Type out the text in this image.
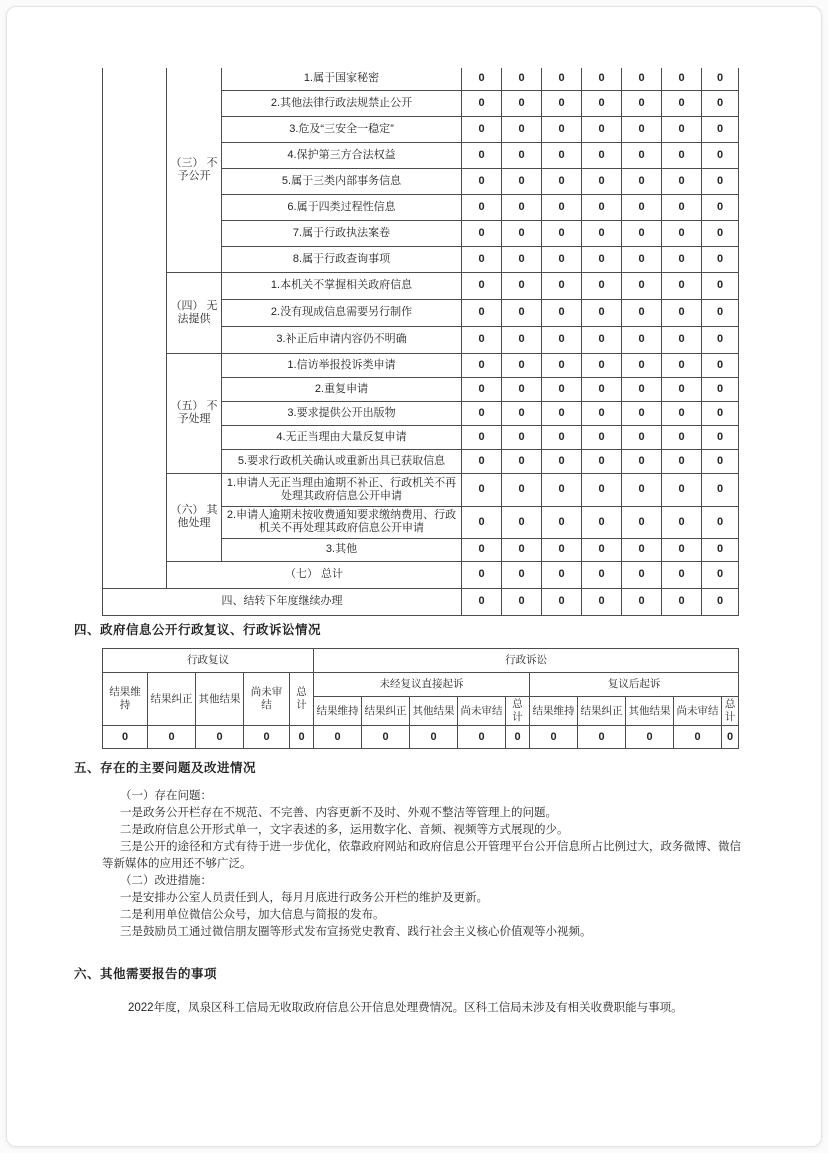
	（三） 不予公开	1.属于国家秘密	0	0	0	0	0	0	0
		2.其他法律行政法规禁止公开	0	0	0	0	0	0	0
		3.危及“三安全一稳定”	0	0	0	0	0	0	0
		4.保护第三方合法权益	0	0	0	0	0	0	0
		5.属于三类内部事务信息	0	0	0	0	0	0	0
		6.属于四类过程性信息	0	0	0	0	0	0	0
		7.属于行政执法案卷	0	0	0	0	0	0	0
		8.属于行政查询事项	0	0	0	0	0	0	0
	（四） 无法提供	1.本机关不掌握相关政府信息	0	0	0	0	0	0	0
		2.没有现成信息需要另行制作	0	0	0	0	0	0	0
		3.补正后申请内容仍不明确	0	0	0	0	0	0	0
	（五） 不予处理	1.信访举报投诉类申请	0	0	0	0	0	0	0
		2.重复申请	0	0	0	0	0	0	0
		3.要求提供公开出版物	0	0	0	0	0	0	0
		4.无正当理由大量反复申请	0	0	0	0	0	0	0
		5.要求行政机关确认或重新出具已获取信息	0	0	0	0	0	0	0
	（六） 其他处理	1.申请人无正当理由逾期不补正、行政机关不再处理其政府信息公开申请	0	0	0	0	0	0	0
		2.申请人逾期未按收费通知要求缴纳费用、行政机关不再处理其政府信息公开申请	0	0	0	0	0	0	0
		3.其他	0	0	0	0	0	0	0
	（七） 总计		0	0	0	0	0	0	0
四、结转下年度继续办理			0	0	0	0	0	0	0
四、政府信息公开行政复议、行政诉讼情况
行政复议					行政诉讼									
结果维持	结果纠正	其他结果	尚未审结	总计	未经复议直接起诉					复议后起诉				
					结果维持	结果纠正	其他结果	尚未审结	总计	结果维持	结果纠正	其他结果	尚未审结	总计
0	0	0	0	0	0	0	0	0	0	0	0	0	0	0
五、存在的主要问题及改进情况

（一）存在问题：

一是政务公开栏存在不规范、不完善、内容更新不及时、外观不整洁等管理上的问题。

二是政府信息公开形式单一，文字表述的多，运用数字化、音频、视频等方式展现的少。

三是公开的途径和方式有待于进一步优化，依靠政府网站和政府信息公开管理平台公开信息所占比例过大，政务微博、微信等新媒体的应用还不够广泛。

（二）改进措施：

一是安排办公室人员责任到人，每月月底进行政务公开栏的维护及更新。

二是利用单位微信公众号，加大信息与简报的发布。

三是鼓励员工通过微信朋友圈等形式发布宣扬党史教育、践行社会主义核心价值观等小视频。

六、其他需要报告的事项

2022年度，凤泉区科工信局无收取政府信息公开信息处理费情况。区科工信局未涉及有相关收费职能与事项。
